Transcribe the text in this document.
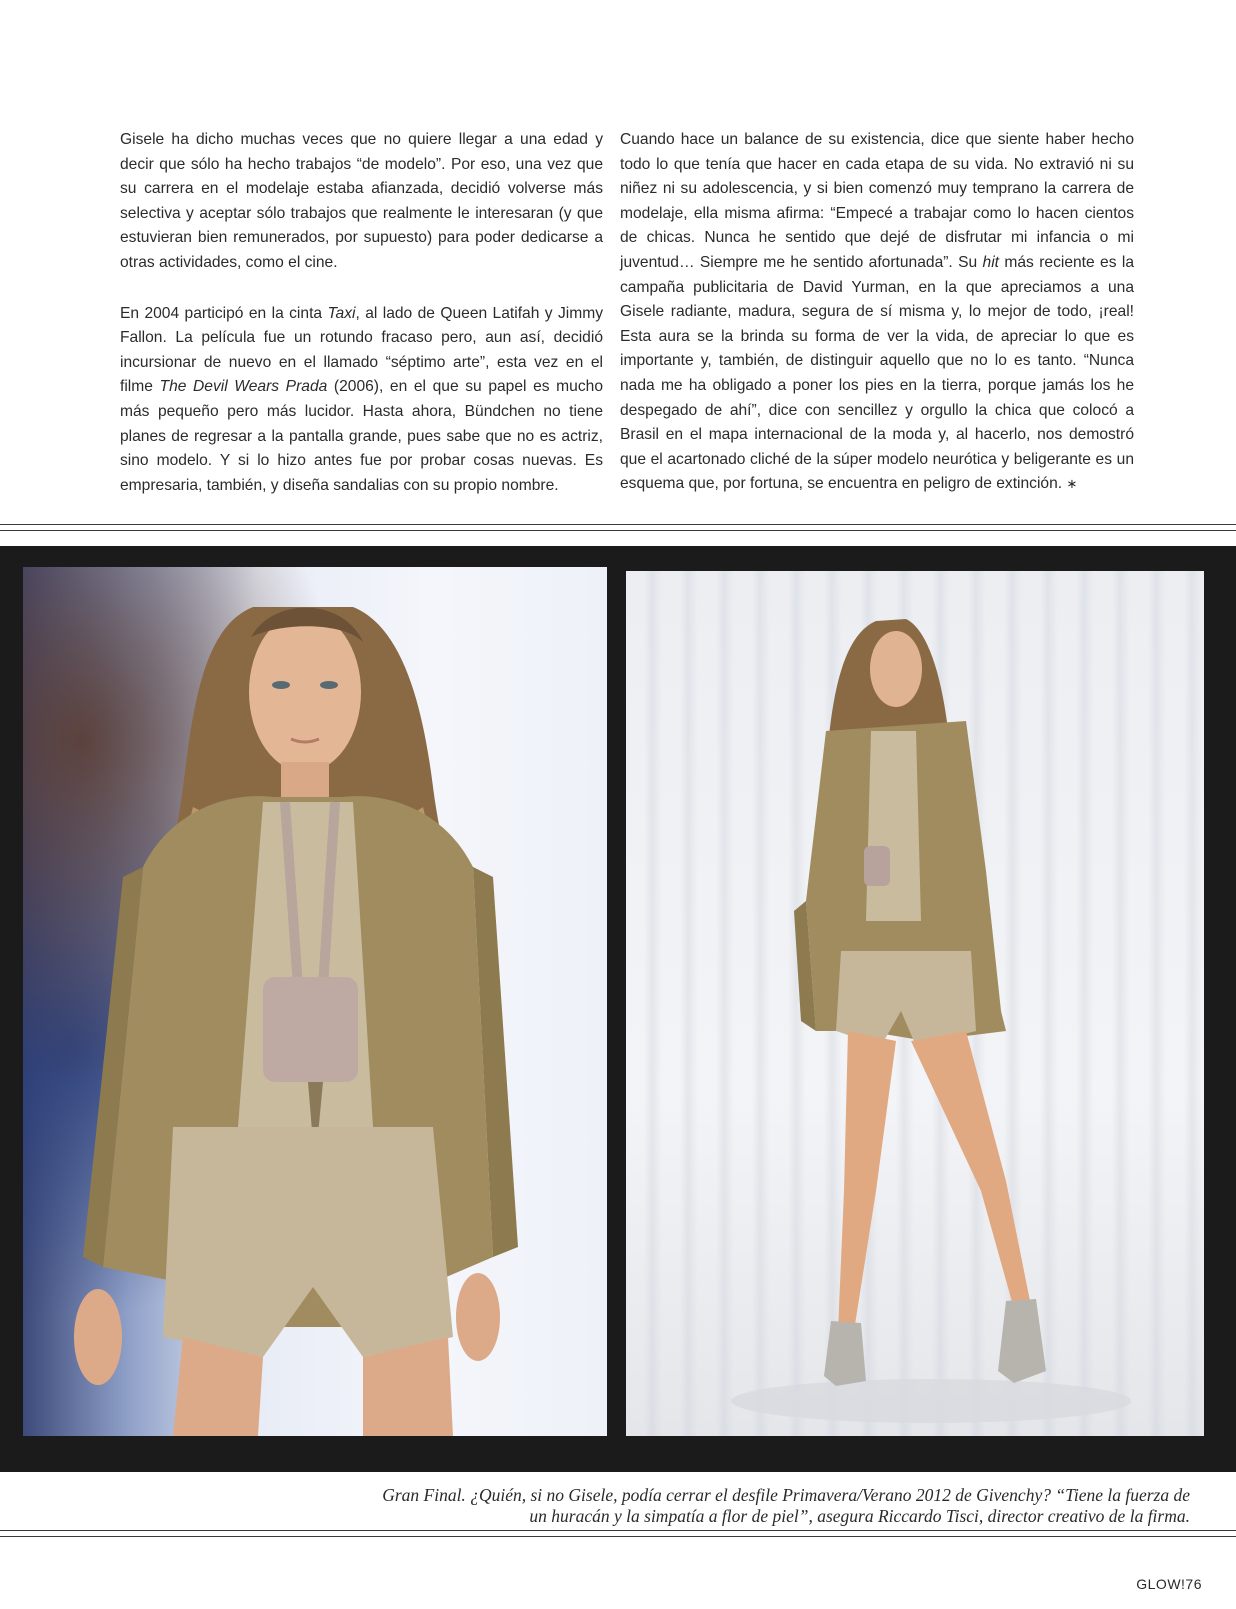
Gisele ha dicho muchas veces que no quiere llegar a una edad y decir que sólo ha hecho trabajos “de modelo”. Por eso, una vez que su carrera en el modelaje estaba afianzada, decidió volverse más selectiva y aceptar sólo trabajos que realmente le interesaran (y que estuvieran bien remunerados, por supuesto) para poder dedicarse a otras actividades, como el cine.

En 2004 participó en la cinta Taxi, al lado de Queen Latifah y Jimmy Fallon. La película fue un rotundo fracaso pero, aun así, decidió incursionar de nuevo en el llamado “séptimo arte”, esta vez en el filme The Devil Wears Prada (2006), en el que su papel es mucho más pequeño pero más lucidor. Hasta ahora, Bündchen no tiene planes de regresar a la pantalla grande, pues sabe que no es actriz, sino modelo. Y si lo hizo antes fue por probar cosas nuevas. Es empresaria, también, y diseña sandalias con su propio nombre.

Cuando hace un balance de su existencia, dice que siente haber hecho todo lo que tenía que hacer en cada etapa de su vida. No extravió ni su niñez ni su adolescencia, y si bien comenzó muy temprano la carrera de modelaje, ella misma afirma: “Empecé a trabajar como lo hacen cientos de chicas. Nunca he sentido que dejé de disfrutar mi infancia o mi juventud… Siempre me he sentido afortunada”. Su hit más reciente es la campaña publicitaria de David Yurman, en la que apreciamos a una Gisele radiante, madura, segura de sí misma y, lo mejor de todo, ¡real! Esta aura se la brinda su forma de ver la vida, de apreciar lo que es importante y, también, de distinguir aquello que no lo es tanto. “Nunca nada me ha obligado a poner los pies en la tierra, porque jamás los he despegado de ahí”, dice con sencillez y orgullo la chica que colocó a Brasil en el mapa internacional de la moda y, al hacerlo, nos demostró que el acartonado cliché de la súper modelo neurótica y beligerante es un esquema que, por fortuna, se encuentra en peligro de extinción. ∗

Gran Final. ¿Quién, si no Gisele, podía cerrar el desfile Primavera/Verano 2012 de Givenchy? “Tiene la fuerza de un huracán y la simpatía a flor de piel”, asegura Riccardo Tisci, director creativo de la firma.
GLOW!76
